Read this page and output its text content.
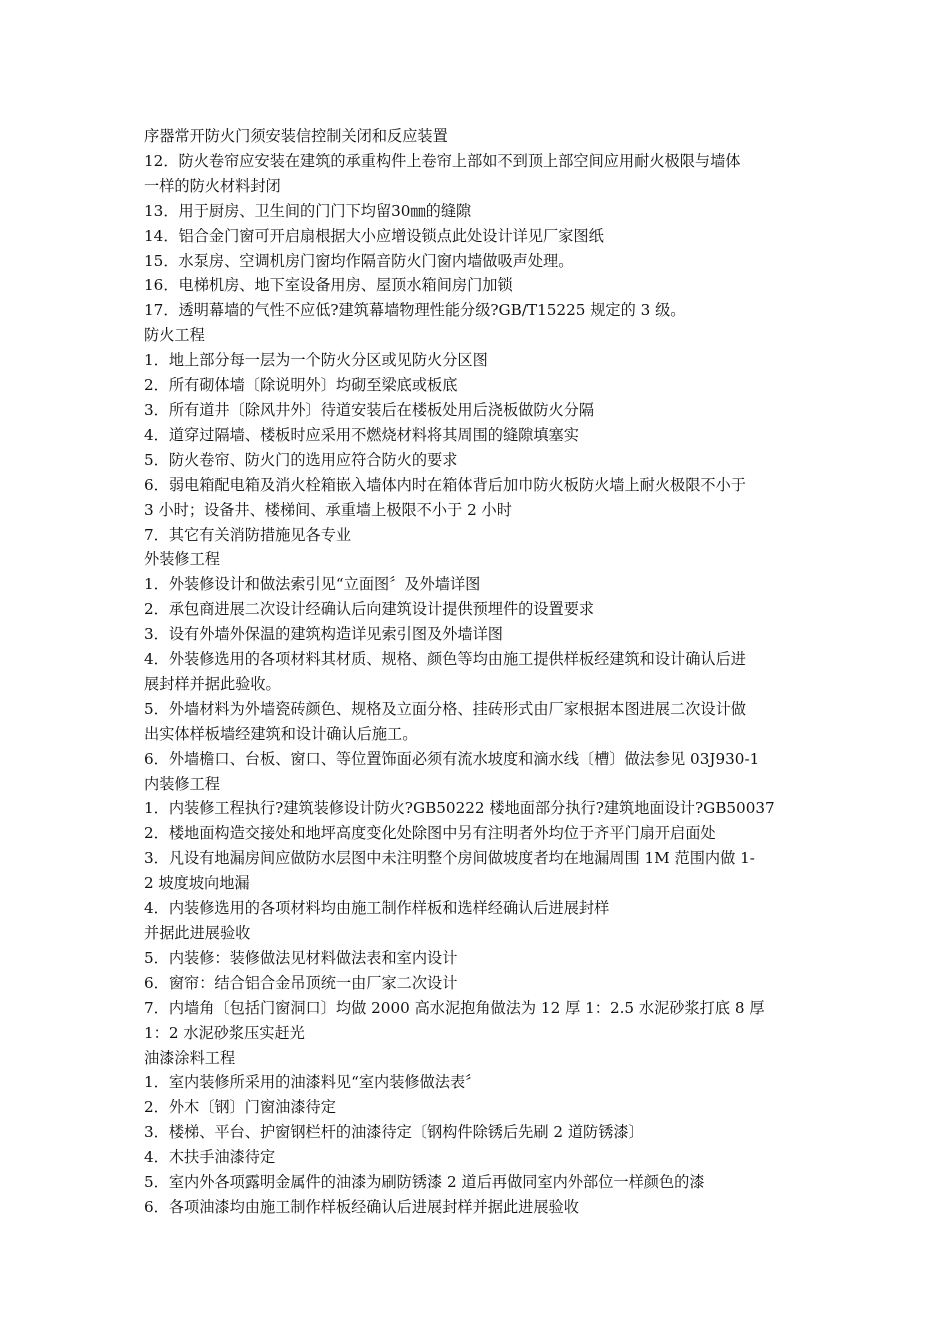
序器常开防火门须安装信控制关闭和反应装置
12．防火卷帘应安装在建筑的承重构件上卷帘上部如不到顶上部空间应用耐火极限与墙体
一样的防火材料封闭
13．用于厨房、卫生间的门门下均留30㎜的缝隙
14．铝合金门窗可开启扇根据大小应增设锁点此处设计详见厂家图纸
15．水泵房、空调机房门窗均作隔音防火门窗内墙做吸声处理。
16．电梯机房、地下室设备用房、屋顶水箱间房门加锁
17．透明幕墙的气性不应低?建筑幕墙物理性能分级?GB/T15225 规定的 3 级。
防火工程
1．地上部分每一层为一个防火分区或见防火分区图
2．所有砌体墙〔除说明外〕均砌至梁底或板底
3．所有道井〔除风井外〕待道安装后在楼板处用后浇板做防火分隔
4．道穿过隔墙、楼板时应采用不燃烧材料将其周围的缝隙填塞实
5．防火卷帘、防火门的选用应符合防火的要求
6．弱电箱配电箱及消火栓箱嵌入墙体内时在箱体背后加巾防火板防火墙上耐火极限不小于
3 小时；设备井、楼梯间、承重墙上极限不小于 2 小时
7．其它有关消防措施见各专业
外装修工程
1．外装修设计和做法索引见“立面图〞及外墙详图
2．承包商进展二次设计经确认后向建筑设计提供预埋件的设置要求
3．设有外墙外保温的建筑构造详见索引图及外墙详图
4．外装修选用的各项材料其材质、规格、颜色等均由施工提供样板经建筑和设计确认后进
展封样并据此验收。
5．外墙材料为外墙瓷砖颜色、规格及立面分格、挂砖形式由厂家根据本图进展二次设计做
出实体样板墙经建筑和设计确认后施工。
6．外墙檐口、台板、窗口、等位置饰面必须有流水坡度和滴水线〔槽〕做法参见 03J930-1
内装修工程
1．内装修工程执行?建筑装修设计防火?GB50222 楼地面部分执行?建筑地面设计?GB50037
2．楼地面构造交接处和地坪高度变化处除图中另有注明者外均位于齐平门扇开启面处
3．凡设有地漏房间应做防水层图中未注明整个房间做坡度者均在地漏周围 1M 范围内做 1-
2 坡度坡向地漏
4．内装修选用的各项材料均由施工制作样板和选样经确认后进展封样
并据此进展验收
5．内装修：装修做法见材料做法表和室内设计
6．窗帘：结合铝合金吊顶统一由厂家二次设计
7．内墙角〔包括门窗洞口〕均做 2000 高水泥抱角做法为 12 厚 1：2.5 水泥砂浆打底 8 厚
1：2 水泥砂浆压实赶光
油漆涂料工程
1．室内装修所采用的油漆料见“室内装修做法表〞
2．外木〔钢〕门窗油漆待定
3．楼梯、平台、护窗钢栏杆的油漆待定〔钢构件除锈后先刷 2 道防锈漆〕
4．木扶手油漆待定
5．室内外各项露明金属件的油漆为刷防锈漆 2 道后再做同室内外部位一样颜色的漆
6．各项油漆均由施工制作样板经确认后进展封样并据此进展验收
